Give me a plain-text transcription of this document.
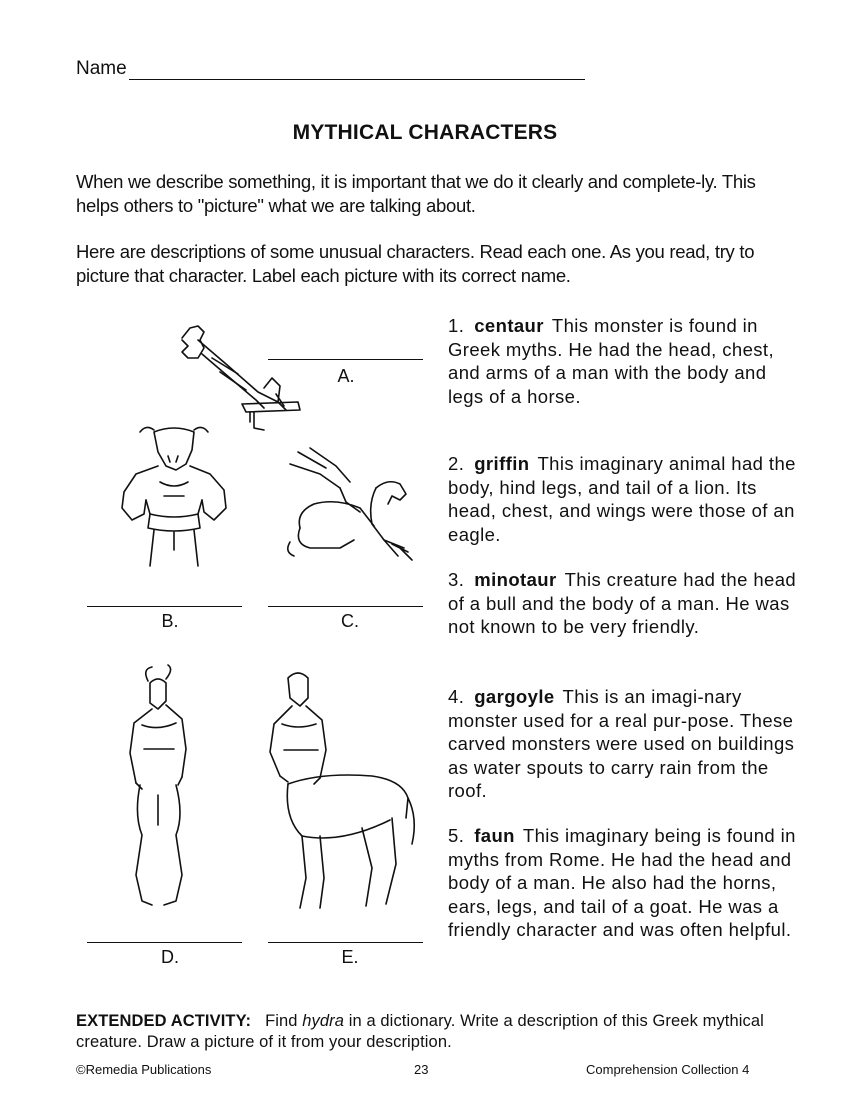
Name
MYTHICAL CHARACTERS
When we describe something, it is important that we do it clearly and complete-ly. This helps others to "picture" what we are talking about.
Here are descriptions of some unusual characters. Read each one. As you read, try to picture that character. Label each picture with its correct name.
A.
B.	C.
D.	E.
1. centaur This monster is found in Greek myths. He had the head, chest, and arms of a man with the body and legs of a horse.
2. griffin This imaginary animal had the body, hind legs, and tail of a lion. Its head, chest, and wings were those of an eagle.
3. minotaur This creature had the head of a bull and the body of a man. He was not known to be very friendly.
4. gargoyle This is an imagi-nary monster used for a real pur-pose. These carved monsters were used on buildings as water spouts to carry rain from the roof.
5. faun This imaginary being is found in myths from Rome. He had the head and body of a man. He also had the horns, ears, legs, and tail of a goat. He was a friendly character and was often helpful.
EXTENDED ACTIVITY: Find hydra in a dictionary. Write a description of this Greek mythical creature. Draw a picture of it from your description.
©Remedia Publications	23	Comprehension Collection 4
